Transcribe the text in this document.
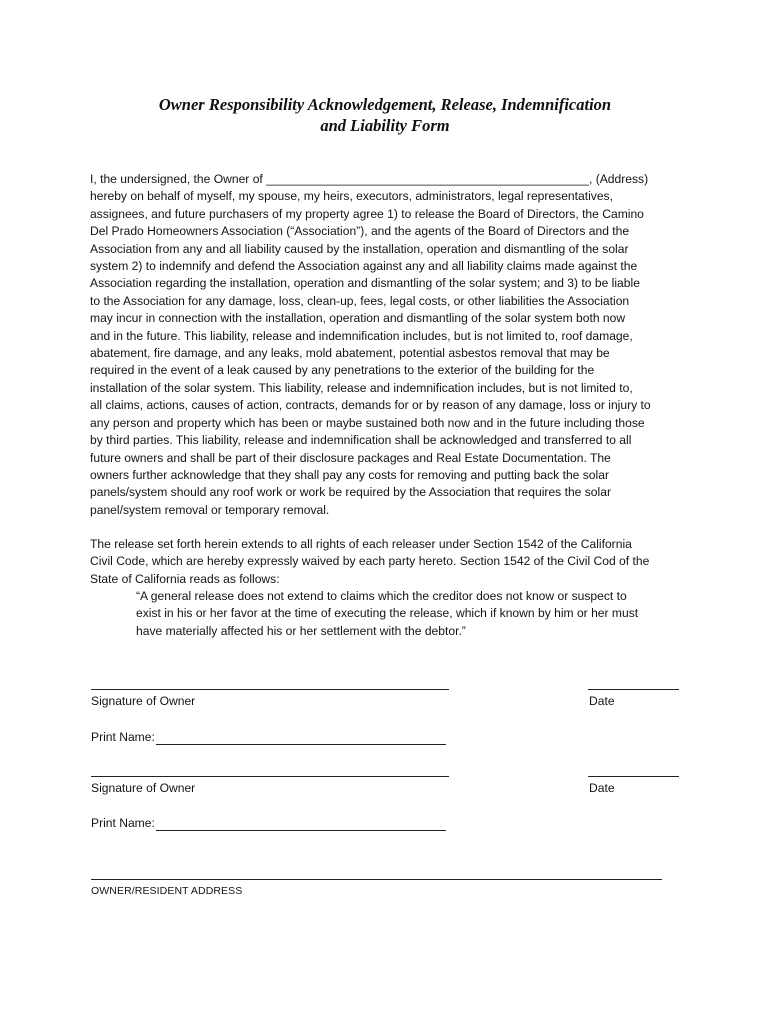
Owner Responsibility Acknowledgement, Release, Indemnification
and Liability Form
I, the undersigned, the Owner of ________________________________________________, (Address)
hereby on behalf of myself, my spouse, my heirs, executors, administrators, legal representatives,
assignees, and future purchasers of my property agree 1) to release the Board of Directors, the Camino
Del Prado Homeowners Association (“Association”), and the agents of the Board of Directors and the
Association from any and all liability caused by the installation, operation and dismantling of the solar
system 2) to indemnify and defend the Association against any and all liability claims made against the
Association regarding the installation, operation and dismantling of the solar system; and 3) to be liable
to the Association for any damage, loss, clean-up, fees, legal costs, or other liabilities the Association
may incur in connection with the installation, operation and dismantling of the solar system both now
and in the future. This liability, release and indemnification includes, but is not limited to, roof damage,
abatement, fire damage, and any leaks, mold abatement, potential asbestos removal that may be
required in the event of a leak caused by any penetrations to the exterior of the building for the
installation of the solar system. This liability, release and indemnification includes, but is not limited to,
all claims, actions, causes of action, contracts, demands for or by reason of any damage, loss or injury to
any person and property which has been or maybe sustained both now and in the future including those
by third parties. This liability, release and indemnification shall be acknowledged and transferred to all
future owners and shall be part of their disclosure packages and Real Estate Documentation. The
owners further acknowledge that they shall pay any costs for removing and putting back the solar
panels/system should any roof work or work be required by the Association that requires the solar
panel/system removal or temporary removal.
The release set forth herein extends to all rights of each releaser under Section 1542 of the California
Civil Code, which are hereby expressly waived by each party hereto. Section 1542 of the Civil Cod of the
State of California reads as follows:
“A general release does not extend to claims which the creditor does not know or suspect to
exist in his or her favor at the time of executing the release, which if known by him or her must
have materially affected his or her settlement with the debtor.”
Signature of Owner	Date
Print Name:
Signature of Owner	Date
Print Name:
OWNER/RESIDENT ADDRESS
